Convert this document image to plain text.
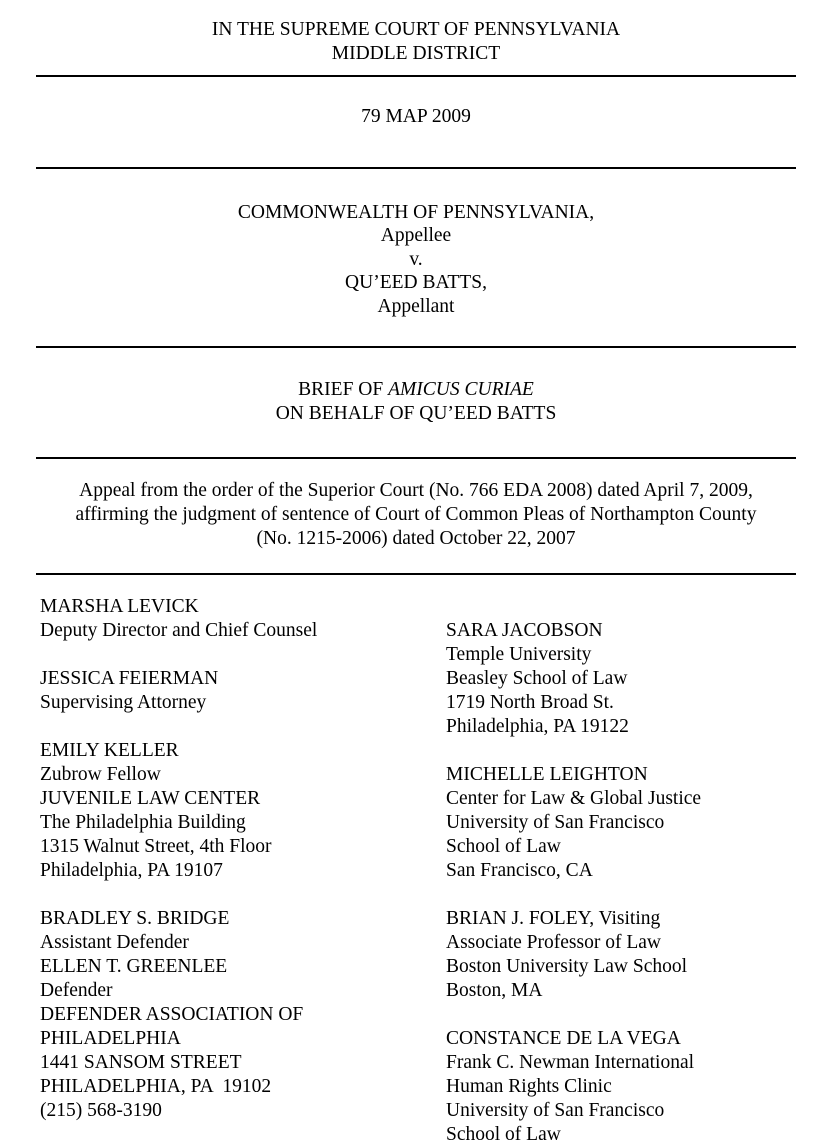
IN THE SUPREME COURT OF PENNSYLVANIA
MIDDLE DISTRICT
79 MAP 2009
COMMONWEALTH OF PENNSYLVANIA,
Appellee
v.
QU’EED BATTS,
Appellant
BRIEF OF AMICUS CURIAE
ON BEHALF OF QU’EED BATTS
Appeal from the order of the Superior Court (No. 766 EDA 2008) dated April 7, 2009,
affirming the judgment of sentence of Court of Common Pleas of Northampton County
(No. 1215-2006) dated October 22, 2007
MARSHA LEVICK
Deputy Director and Chief Counsel
JESSICA FEIERMAN
Supervising Attorney
EMILY KELLER
Zubrow Fellow
JUVENILE LAW CENTER
The Philadelphia Building
1315 Walnut Street, 4th Floor
Philadelphia, PA 19107
BRADLEY S. BRIDGE
Assistant Defender
ELLEN T. GREENLEE
Defender
DEFENDER ASSOCIATION OF
PHILADELPHIA
1441 SANSOM STREET
PHILADELPHIA, PA  19102
(215) 568-3190
SARA JACOBSON
Temple University
Beasley School of Law
1719 North Broad St.
Philadelphia, PA 19122
MICHELLE LEIGHTON
Center for Law & Global Justice
University of San Francisco
School of Law
San Francisco, CA
BRIAN J. FOLEY, Visiting
Associate Professor of Law
Boston University Law School
Boston, MA
CONSTANCE DE LA VEGA
Frank C. Newman International
Human Rights Clinic
University of San Francisco
School of Law
